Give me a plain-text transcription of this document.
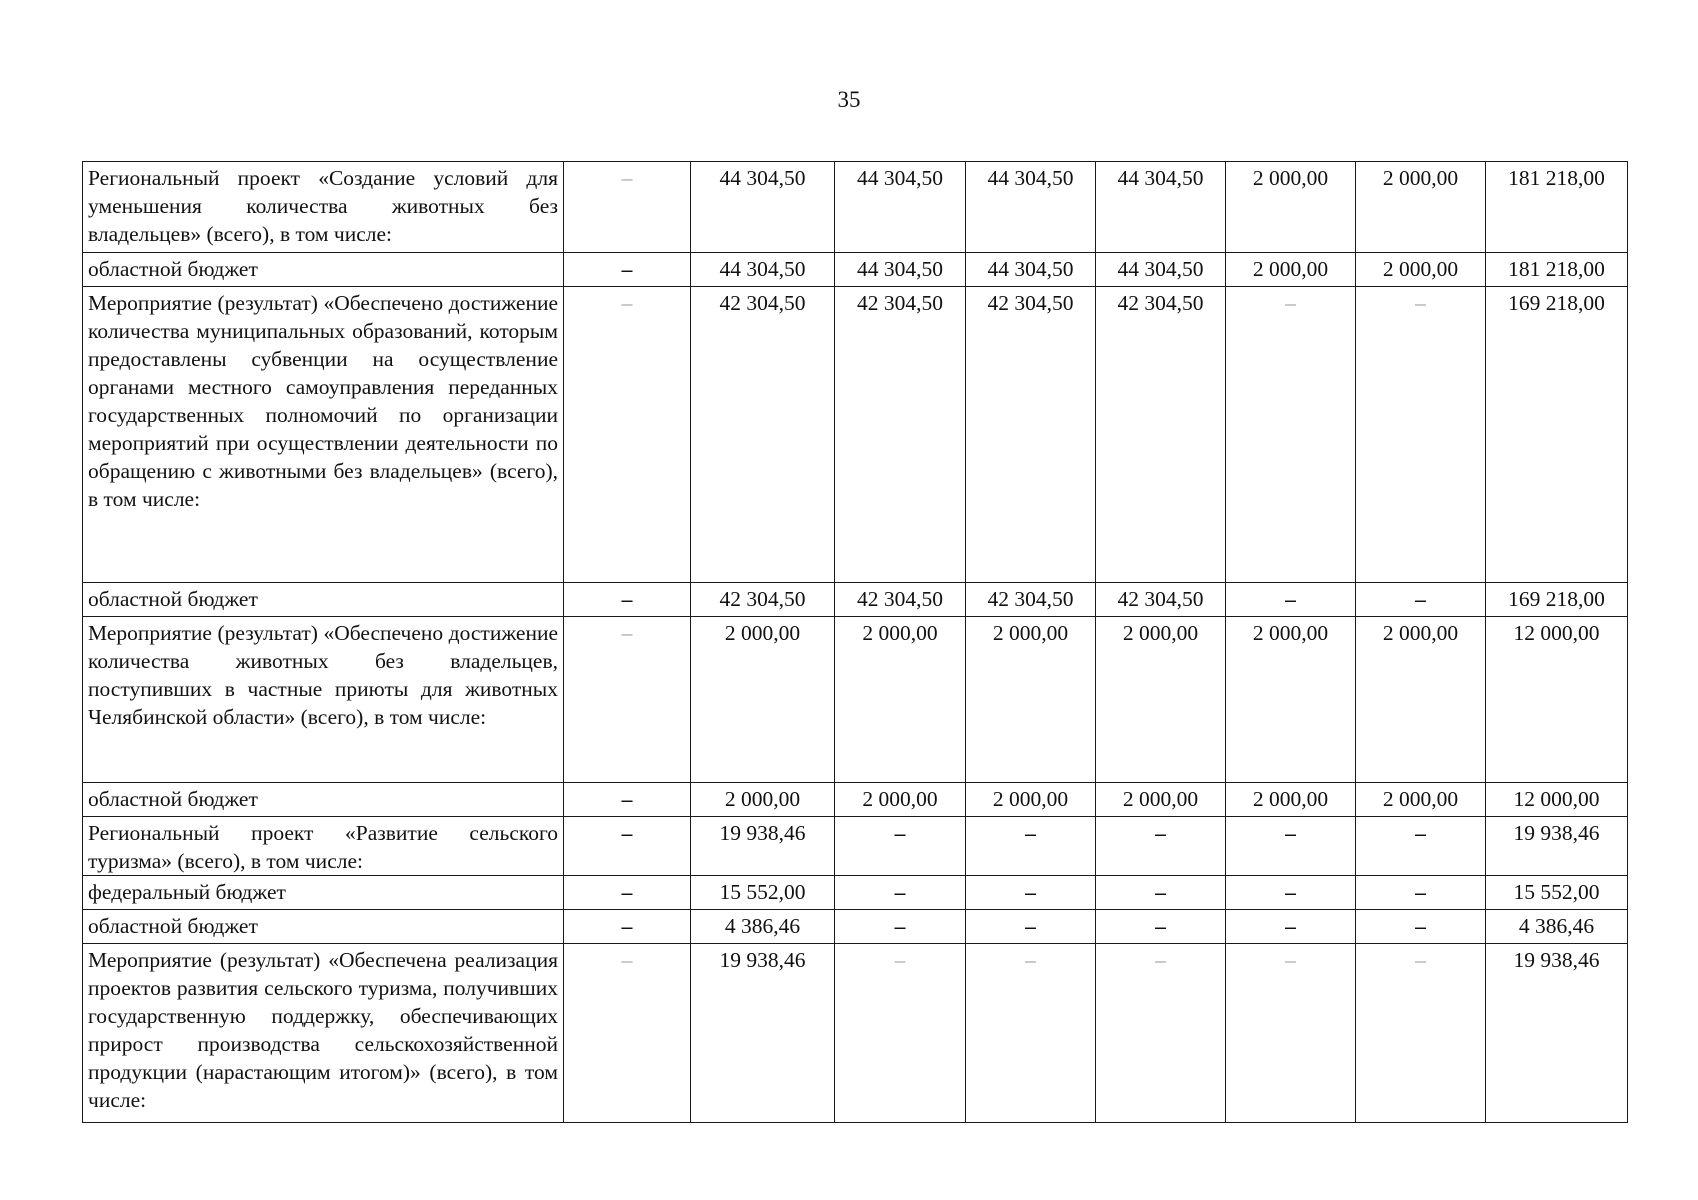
35
Региональный проект «Создание условий для уменьшения количества животных без владельцев» (всего), в том числе:	–	44 304,50	44 304,50	44 304,50	44 304,50	2 000,00	2 000,00	181 218,00
областной бюджет	–	44 304,50	44 304,50	44 304,50	44 304,50	2 000,00	2 000,00	181 218,00
Мероприятие (результат) «Обеспечено достижение количества муниципальных образований, которым предоставлены субвенции на осуществление органами местного самоуправления переданных государственных полномочий по организации мероприятий при осуществлении деятельности по обращению с животными без владельцев» (всего), в том числе:	–	42 304,50	42 304,50	42 304,50	42 304,50	–	–	169 218,00
областной бюджет	–	42 304,50	42 304,50	42 304,50	42 304,50	–	–	169 218,00
Мероприятие (результат) «Обеспечено достижение количества животных без владельцев, поступивших в частные приюты для животных Челябинской области» (всего), в том числе:	–	2 000,00	2 000,00	2 000,00	2 000,00	2 000,00	2 000,00	12 000,00
областной бюджет	–	2 000,00	2 000,00	2 000,00	2 000,00	2 000,00	2 000,00	12 000,00
Региональный проект «Развитие сельского туризма» (всего), в том числе:	–	19 938,46	–	–	–	–	–	19 938,46
федеральный бюджет	–	15 552,00	–	–	–	–	–	15 552,00
областной бюджет	–	4 386,46	–	–	–	–	–	4 386,46
Мероприятие (результат) «Обеспечена реализация проектов развития сельского туризма, получивших государственную поддержку, обеспечивающих прирост производства сельскохозяйственной продукции (нарастающим итогом)» (всего), в том числе:	–	19 938,46	–	–	–	–	–	19 938,46
